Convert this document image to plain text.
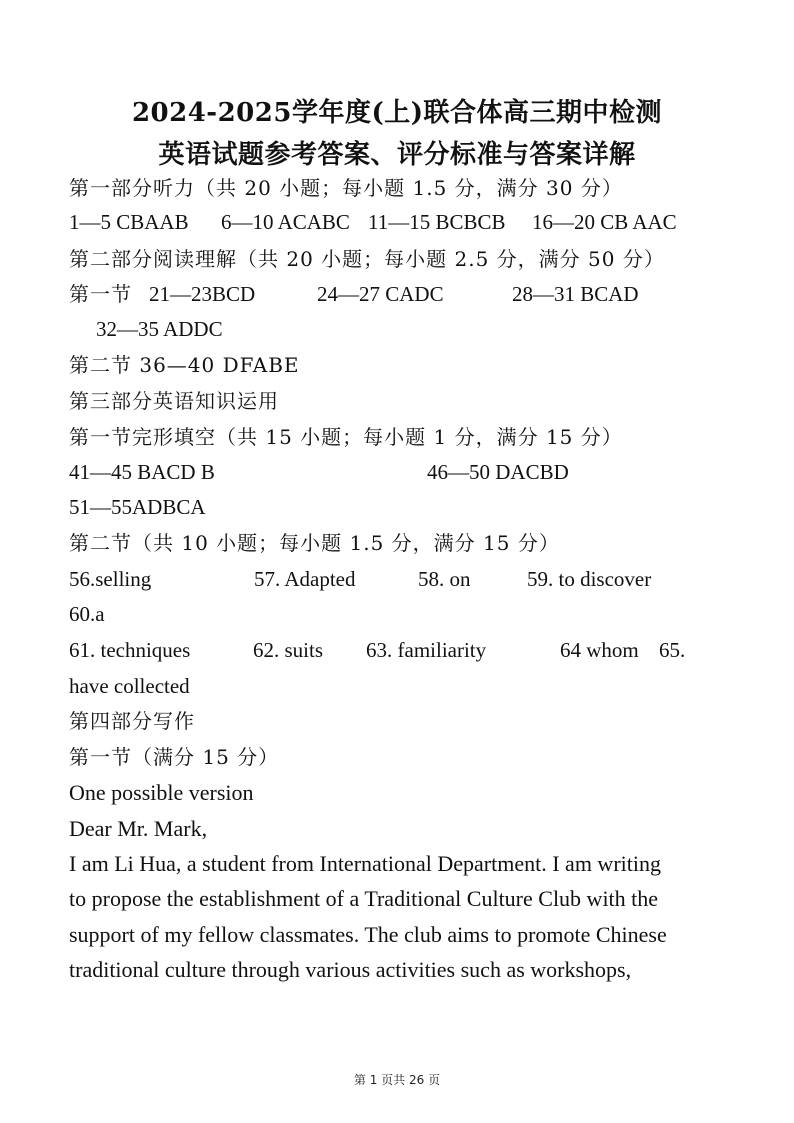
2024-2025学年度(上)联合体高三期中检测
英语试题参考答案、评分标准与答案详解
第一部分听力（共 20 小题；每小题 1.5 分，满分 30 分）
1—5 CBAAB 6—10 ACABC 11—15 BCBCB 16—20 CB AAC
第二部分阅读理解（共 20 小题；每小题 2.5 分，满分 50 分）
第一节 21—23BCD	24—27 CADC	28—31 BCAD
32—35 ADDC
第二节 36—40 DFABE
第三部分英语知识运用
第一节完形填空（共 15 小题；每小题 1 分，满分 15 分）
41—45 BACD B	46—50 DACBD
51—55ADBCA
第二节（共 10 小题；每小题 1.5 分，满分 15 分）
56.selling	57. Adapted	58. on	59. to discover
60.a
61. techniques	62. suits 63. familiarity	64 whom 65.
have collected
第四部分写作
第一节（满分 15 分）
One possible version
Dear Mr. Mark,
I am Li Hua, a student from International Department. I am writing
to propose the establishment of a Traditional Culture Club with the
support of my fellow classmates. The club aims to promote Chinese
traditional culture through various activities such as workshops,
第 1 页共 26 页
